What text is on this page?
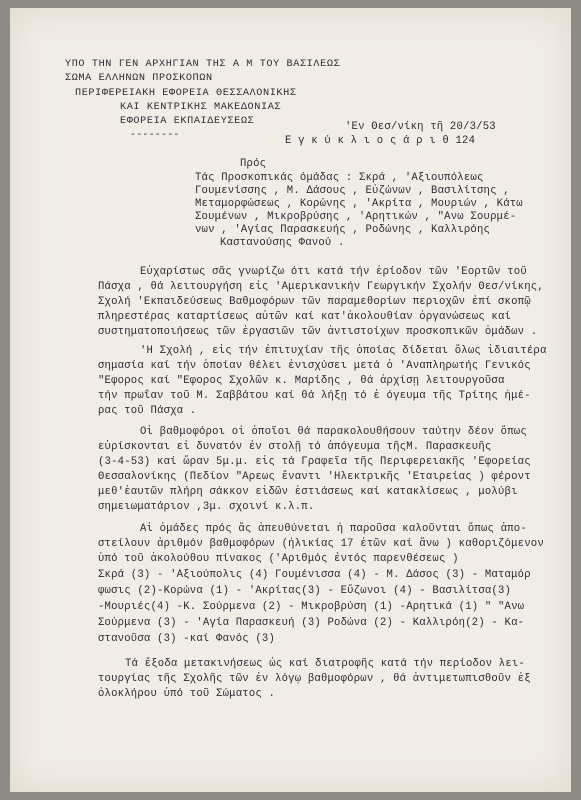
ΥΠΟ ΤΗΝ ΓΕΝ ΑΡΧΗΓΙΑΝ ΤΗΣ Α Μ ΤΟΥ ΒΑΣΙΛΕΩΣ
ΣΩΜΑ ΕΛΛΗΝΩΝ ΠΡΟΣΚΟΠΩΝ
ΠΕΡΙΦΕΡΕΙΑΚΗ ΕΦΟΡΕΙΑ ΘΕΣΣΑΛΟΝΙΚΗΣ
ΚΑΙ ΚΕΝΤΡΙΚΗΣ ΜΑΚΕΔΟΝΙΑΣ
ΕΦΟΡΕΙΑ ΕΚΠΑΙΔΕΥΣΕΩΣ
--------
'Εν Θεσ/νίκη τῆ 20/3/53
Ε γ κ ύ κ λ ι ο ς ά ρ ι θ 124
Πρός
Τάς Προσκοπικάς όμάδας : Σκρά , 'Αξιουπόλεως
Γουμενίσσης , Μ. Δάσους , Εὐζώνων , Βασιλίτσης ,
Μεταμορφώσεως , Κορώνης , 'Ακρίτα , Μουριών , Κάτω
Σουμένων , Μικροβρύσης , 'Αρητικών , "Ανω Σουρμέ-
νων , 'Αγίας Παρασκευής , Ροδώνης , Καλλιρόης
Καστανούσης Φανού .
Εὐχαρίστως σᾶς γνωρίζω ότι κατά τήν ἑρίοδον τῶν 'Εορτῶν τοῦ
Πάσχα , θά λειτουργήση εἰς 'Αμερικανικήν Γεωργικήν Σχολήν Θεσ/νίκης,
Σχολή 'Εκπαιδεύσεως Βαθμοφόρων τῶν παραμεθορίων περιοχῶν ἐπί σκοπῷ
πληρεστέρας καταρτίσεως αὐτῶν καί κατ'ἀκολουθίαν ὀργανώσεως καί
συστηματοποιήσεως τῶν ἐργασιῶν τῶν ἀντιστοίχων προσκοπικῶν ὁμάδων .
'Η Σχολή , εἰς τήν ἐπιτυχίαν τῆς ὁποίας δίδεται ὅλως ἰδιαιτέρα
σημασία καί τήν ὁποίαν θέλει ἐνισχύσει μετά ὁ 'Αναπληρωτής Γενικός
"Εφορος καί "Εφορος Σχολῶν κ. Μαρίδης , θά ἀρχίσῃ λειτουργοῦσα
τήν πρωΐαν τοῦ Μ. Σαββάτου καί θά λήξῃ τό ἑ όγευμα τῆς Τρίτης ἡμέ-
ρας τοῦ Πάσχα .
Οἱ βαθμοφόροι οἱ ὁποῖοι θά παρακολουθήσουν ταύτην δέον ὅπως
εὑρίσκονται εἰ δυνατόν ἐν στολῇ τό ἀπόγευμα τῆςΜ. Παρασκευῆς
(3-4-53) καί ὥραν 5μ.μ. εἰς τά Γραφεῖα τῆς Περιφερειακῆς 'Εφορείας
Θεσσαλονίκης (Πεδίον "Αρεως ἔναντι 'Ηλεκτρικῆς 'Εταιρείας ) φέροντ
μεθ'ἑαυτῶν πλήρη σάκκον εἰδῶν ἑστιάσεως καί κατακλίσεως , μολύβι
σημειωματάριον ,3μ. σχοινί κ.λ.π.
Αἱ ὁμάδες πρός ἅς ἀπευθύνεται ἡ παροῦσα καλοῦνται ὅπως ἀπο-
στείλουν ἀριθμόν βαθμοφόρων (ἡλικίας 17 ἐτῶν καί ἄνω ) καθοριζόμενον
ὑπό τοῦ ἀκολούθου πίνακος ('Αριθμός ἐντός παρενθέσεως )
Σκρά (3) - 'Αξιούπολις (4) Γουμένισσα (4) - Μ. Δάσος (3) - Ματαμόρ
φωσις (2)-Κορώνα (1) - 'Ακρίτας(3) - Εὔζωνοι (4) - Βασιλίτσα(3)
-Μουριές(4) -Κ. Σούρμενα (2) - Μικροβρύση (1) -Αρητικά (1) " "Ανω
Σούρμενα (3) - 'Αγία Παρασκευή (3) Ροδώνα (2) - Καλλιρόη(2) - Κα-
στανοῦσα (3) -καί Φανός (3)
Τά ἔξοδα μετακινήσεως ὡς καί διατροφῆς κατά τήν περίοδον λει-
τουργίας τῆς Σχολῆς τῶν ἐν λόγῳ βαθμοφόρων , θά ἀντιμετωπισθοῦν ἐξ
ὁλοκλήρου ὑπό τοῦ Σώματος .
